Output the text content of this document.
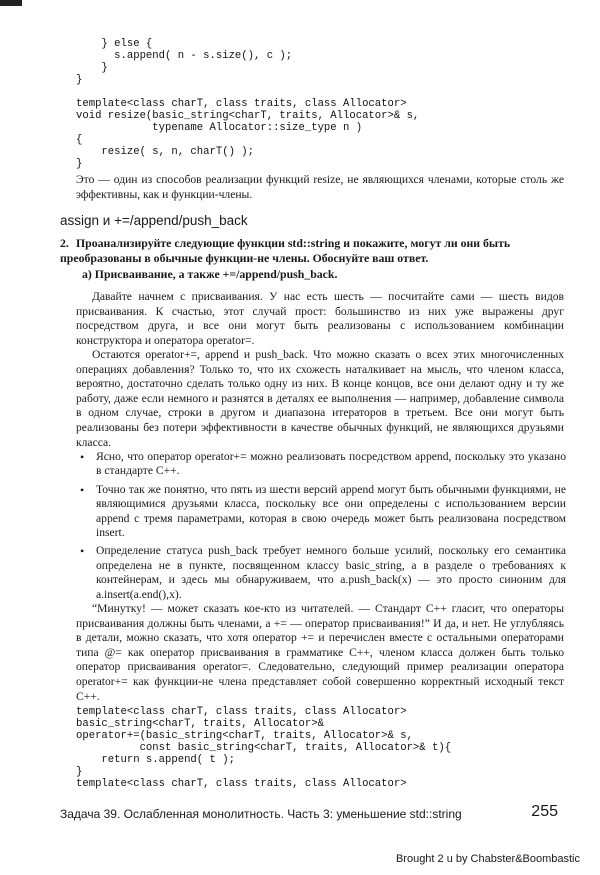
} else {
s.append( n - s.size(), c );
}
}

template<class charT, class traits, class Allocator>
void resize(basic_string<charT, traits, Allocator>& s,
typename Allocator::size_type n )
{
resize( s, n, charT() );
}

Это — один из способов реализации функций resize, не являющихся членами, которые столь же эффективны, как и функции-члены.

assign и +=/append/push_back

2. Проанализируйте следующие функции std::string и покажите, могут ли они быть преобразованы в обычные функции-не члены. Обоснуйте ваш ответ.

а) Присваивание, а также +=/append/push_back.

Давайте начнем с присваивания. У нас есть шесть — посчитайте сами — шесть видов присваивания. К счастью, этот случай прост: большинство из них уже выражены друг посредством друга, и все они могут быть реализованы с использованием комбинации конструктора и оператора operator=.

Остаются operator+=, append и push_back. Что можно сказать о всех этих многочисленных операциях добавления? Только то, что их схожесть наталкивает на мысль, что членом класса, вероятно, достаточно сделать только одну из них. В конце концов, все они делают одну и ту же работу, даже если немного и разнятся в деталях ее выполнения — например, добавление символа в одном случае, строки в другом и диапазона итераторов в третьем. Все они могут быть реализованы без потери эффективности в качестве обычных функций, не являющихся друзьями класса.

• Ясно, что оператор operator+= можно реализовать посредством append, поскольку это указано в стандарте C++.
• Точно так же понятно, что пять из шести версий append могут быть обычными функциями, не являющимися друзьями класса, поскольку все они определены с использованием версии append с тремя параметрами, которая в свою очередь может быть реализована посредством insert.
• Определение статуса push_back требует немного больше усилий, поскольку его семантика определена не в пункте, посвященном классу basic_string, а в разделе о требованиях к контейнерам, и здесь мы обнаруживаем, что a.push_back(x) — это просто синоним для a.insert(a.end(),x).

“Минутку! — может сказать кое-кто из читателей. — Стандарт C++ гласит, что операторы присваивания должны быть членами, а += — оператор присваивания!” И да, и нет. Не углубляясь в детали, можно сказать, что хотя оператор += и перечислен вместе с остальными операторами типа @= как оператор присваивания в грамматике C++, членом класса должен быть только оператор присваивания operator=. Следовательно, следующий пример реализации оператора operator+= как функции-не члена представляет собой совершенно корректный исходный текст C++.

template<class charT, class traits, class Allocator>
basic_string<charT, traits, Allocator>&
operator+=(basic_string<charT, traits, Allocator>& s,
const basic_string<charT, traits, Allocator>& t){
return s.append( t );
}
template<class charT, class traits, class Allocator>
Задача 39. Ослабленная монолитность. Часть 3: уменьшение std::string	255
Brought 2 u by Chabster&Boombastic
